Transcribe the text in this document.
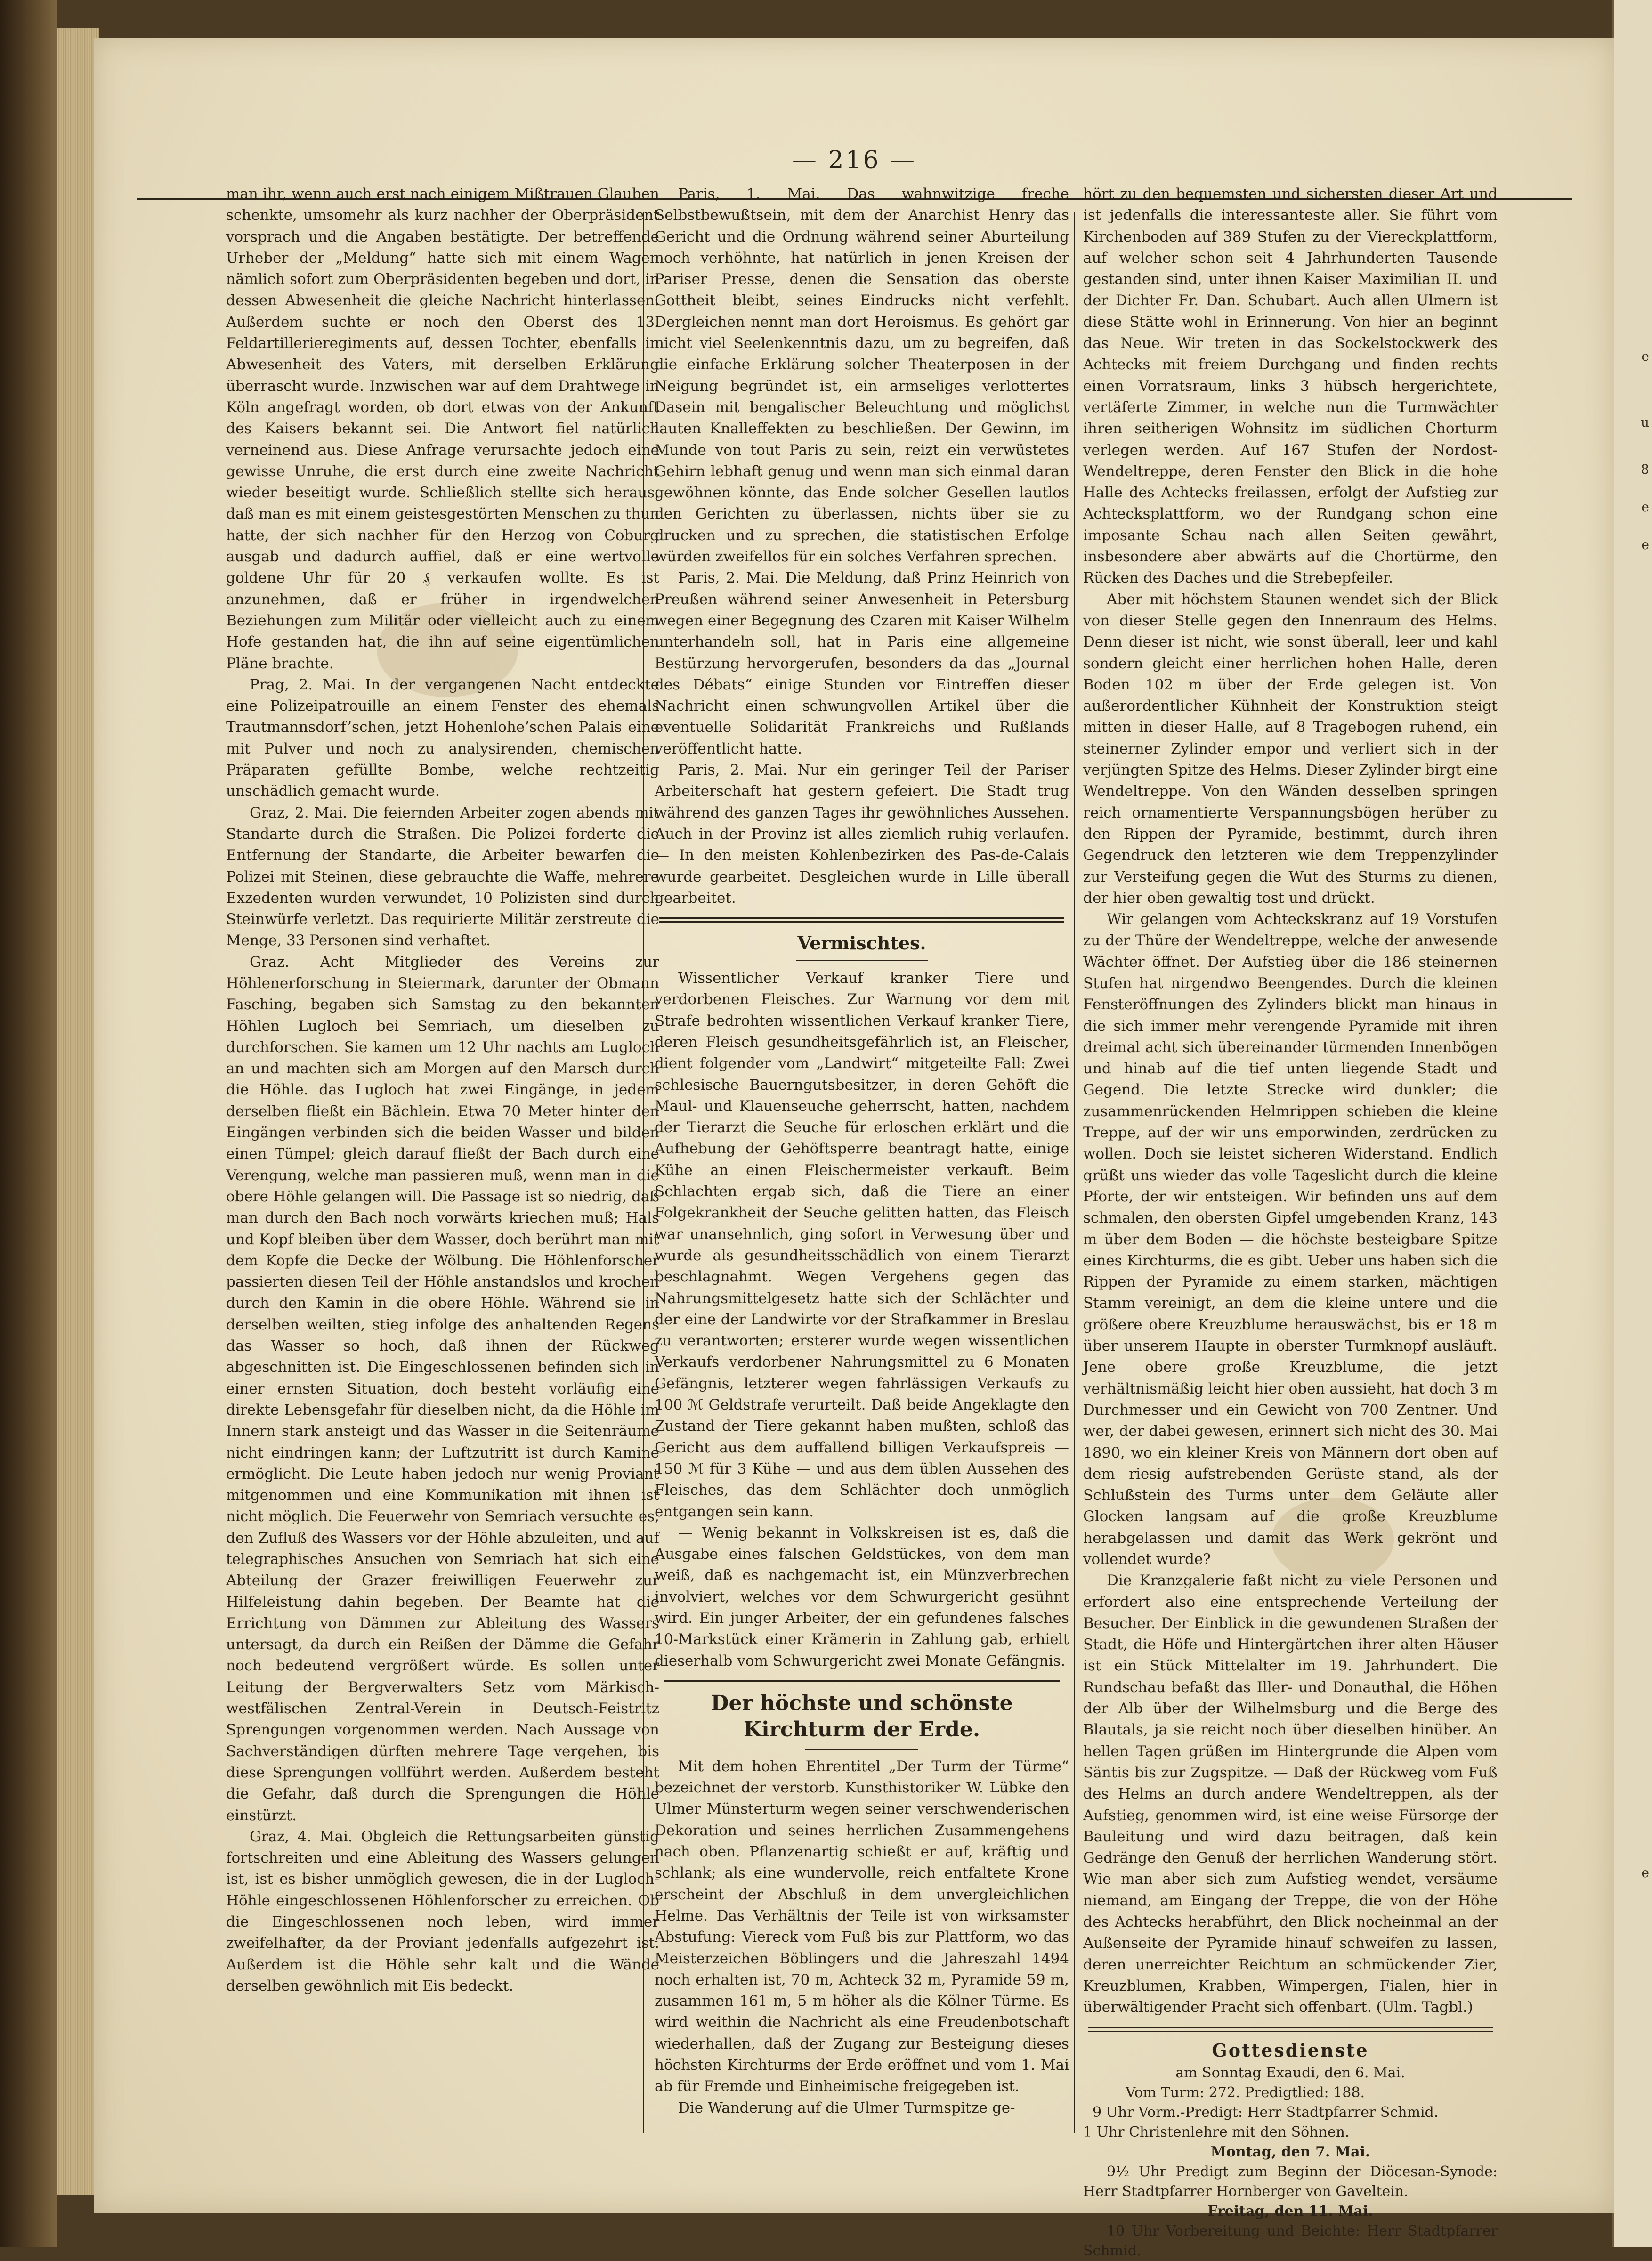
e
u
8
e
e
e
— 216 —

man ihr, wenn auch erst nach einigem Mißtrauen Glauben schenkte, umsomehr als kurz nachher der Oberpräsident vorsprach und die Angaben bestätigte. Der betreffende Urheber der „Meldung“ hatte sich mit einem Wagen nämlich sofort zum Oberpräsidenten begeben und dort, in dessen Abwesenheit die gleiche Nachricht hinterlassen. Außerdem suchte er noch den Oberst des 13. Feldartillerieregiments auf, dessen Tochter, ebenfalls in Abwesenheit des Vaters, mit derselben Erklärung überrascht wurde. Inzwischen war auf dem Drahtwege in Köln angefragt worden, ob dort etwas von der Ankunft des Kaisers bekannt sei. Die Antwort fiel natürlich verneinend aus. Diese Anfrage verursachte jedoch eine gewisse Unruhe, die erst durch eine zweite Nachricht wieder beseitigt wurde. Schließlich stellte sich heraus, daß man es mit einem geistesgestörten Menschen zu thun hatte, der sich nachher für den Herzog von Coburg ausgab und dadurch auffiel, daß er eine wertvolle goldene Uhr für 20 ₰ verkaufen wollte. Es ist anzunehmen, daß er früher in irgendwelchen Beziehungen zum Militär oder vielleicht auch zu einem Hofe gestanden hat, die ihn auf seine eigentümlichen Pläne brachte.

Prag, 2. Mai. In der vergangenen Nacht entdeckte eine Polizeipatrouille an einem Fenster des ehemals Trautmannsdorf’schen, jetzt Hohenlohe’schen Palais eine mit Pulver und noch zu analysirenden, chemischen Präparaten gefüllte Bombe, welche rechtzeitig unschädlich gemacht wurde.

Graz, 2. Mai. Die feiernden Arbeiter zogen abends mit Standarte durch die Straßen. Die Polizei forderte die Entfernung der Standarte, die Arbeiter bewarfen die Polizei mit Steinen, diese gebrauchte die Waffe, mehrere Exzedenten wurden verwundet, 10 Polizisten sind durch Steinwürfe verletzt. Das requirierte Militär zerstreute die Menge, 33 Personen sind verhaftet.

Graz. Acht Mitglieder des Vereins zur Höhlenerforschung in Steiermark, darunter der Obmann Fasching, begaben sich Samstag zu den bekannten Höhlen Lugloch bei Semriach, um dieselben zu durchforschen. Sie kamen um 12 Uhr nachts am Lugloch an und machten sich am Morgen auf den Marsch durch die Höhle. das Lugloch hat zwei Eingänge, in jedem derselben fließt ein Bächlein. Etwa 70 Meter hinter den Eingängen verbinden sich die beiden Wasser und bilden einen Tümpel; gleich darauf fließt der Bach durch eine Verengung, welche man passieren muß, wenn man in die obere Höhle gelangen will. Die Passage ist so niedrig, daß man durch den Bach noch vorwärts kriechen muß; Hals und Kopf bleiben über dem Wasser, doch berührt man mit dem Kopfe die Decke der Wölbung. Die Höhlenforscher passierten diesen Teil der Höhle anstandslos und krochen durch den Kamin in die obere Höhle. Während sie in derselben weilten, stieg infolge des anhaltenden Regens das Wasser so hoch, daß ihnen der Rückweg abgeschnitten ist. Die Eingeschlossenen befinden sich in einer ernsten Situation, doch besteht vorläufig eine direkte Lebensgefahr für dieselben nicht, da die Höhle im Innern stark ansteigt und das Wasser in die Seitenräume nicht eindringen kann; der Luftzutritt ist durch Kamine ermöglicht. Die Leute haben jedoch nur wenig Proviant mitgenommen und eine Kommunikation mit ihnen ist nicht möglich. Die Feuerwehr von Semriach versuchte es, den Zufluß des Wassers vor der Höhle abzuleiten, und auf telegraphisches Ansuchen von Semriach hat sich eine Abteilung der Grazer freiwilligen Feuerwehr zur Hilfeleistung dahin begeben. Der Beamte hat die Errichtung von Dämmen zur Ableitung des Wassers untersagt, da durch ein Reißen der Dämme die Gefahr noch bedeutend vergrößert würde. Es sollen unter Leitung der Bergverwalters Setz vom Märkisch-westfälischen Zentral-Verein in Deutsch-Feistritz Sprengungen vorgenommen werden. Nach Aussage von Sachverständigen dürften mehrere Tage vergehen, bis diese Sprengungen vollführt werden. Außerdem besteht die Gefahr, daß durch die Sprengungen die Höhle einstürzt.

Graz, 4. Mai. Obgleich die Rettungsarbeiten günstig fortschreiten und eine Ableitung des Wassers gelungen ist, ist es bisher unmöglich gewesen, die in der Lugloch-Höhle eingeschlossenen Höhlenforscher zu erreichen. Ob die Eingeschlossenen noch leben, wird immer zweifelhafter, da der Proviant jedenfalls aufgezehrt ist. Außerdem ist die Höhle sehr kalt und die Wände derselben gewöhnlich mit Eis bedeckt.

Paris, 1. Mai. Das wahnwitzige freche Selbstbewußtsein, mit dem der Anarchist Henry das Gericht und die Ordnung während seiner Aburteilung noch verhöhnte, hat natürlich in jenen Kreisen der Pariser Presse, denen die Sensation das oberste Gottheit bleibt, seines Eindrucks nicht verfehlt. Dergleichen nennt man dort Heroismus. Es gehört gar nicht viel Seelenkenntnis dazu, um zu begreifen, daß die einfache Erklärung solcher Theaterposen in der Neigung begründet ist, ein armseliges verlottertes Dasein mit bengalischer Beleuchtung und möglichst lauten Knalleffekten zu beschließen. Der Gewinn, im Munde von tout Paris zu sein, reizt ein verwüstetes Gehirn lebhaft genug und wenn man sich einmal daran gewöhnen könnte, das Ende solcher Gesellen lautlos den Gerichten zu überlassen, nichts über sie zu drucken und zu sprechen, die statistischen Erfolge würden zweifellos für ein solches Verfahren sprechen.

Paris, 2. Mai. Die Meldung, daß Prinz Heinrich von Preußen während seiner Anwesenheit in Petersburg wegen einer Begegnung des Czaren mit Kaiser Wilhelm unterhandeln soll, hat in Paris eine allgemeine Bestürzung hervorgerufen, besonders da das „Journal des Débats“ einige Stunden vor Eintreffen dieser Nachricht einen schwungvollen Artikel über die eventuelle Solidarität Frankreichs und Rußlands veröffentlicht hatte.

Paris, 2. Mai. Nur ein geringer Teil der Pariser Arbeiterschaft hat gestern gefeiert. Die Stadt trug während des ganzen Tages ihr gewöhnliches Aussehen. Auch in der Provinz ist alles ziemlich ruhig verlaufen. — In den meisten Kohlenbezirken des Pas-de-Calais wurde gearbeitet. Desgleichen wurde in Lille überall gearbeitet.

Vermischtes.

Wissentlicher Verkauf kranker Tiere und verdorbenen Fleisches. Zur Warnung vor dem mit Strafe bedrohten wissentlichen Verkauf kranker Tiere, deren Fleisch gesundheitsgefährlich ist, an Fleischer, dient folgender vom „Landwirt“ mitgeteilte Fall: Zwei schlesische Bauerngutsbesitzer, in deren Gehöft die Maul- und Klauenseuche geherrscht, hatten, nachdem der Tierarzt die Seuche für erloschen erklärt und die Aufhebung der Gehöftsperre beantragt hatte, einige Kühe an einen Fleischermeister verkauft. Beim Schlachten ergab sich, daß die Tiere an einer Folgekrankheit der Seuche gelitten hatten, das Fleisch war unansehnlich, ging sofort in Verwesung über und wurde als gesundheitsschädlich von einem Tierarzt beschlagnahmt. Wegen Vergehens gegen das Nahrungsmittelgesetz hatte sich der Schlächter und der eine der Landwirte vor der Strafkammer in Breslau zu verantworten; ersterer wurde wegen wissentlichen Verkaufs verdorbener Nahrungsmittel zu 6 Monaten Gefängnis, letzterer wegen fahrlässigen Verkaufs zu 100 ℳ Geldstrafe verurteilt. Daß beide Angeklagte den Zustand der Tiere gekannt haben mußten, schloß das Gericht aus dem auffallend billigen Verkaufspreis — 150 ℳ für 3 Kühe — und aus dem üblen Aussehen des Fleisches, das dem Schlächter doch unmöglich entgangen sein kann.

— Wenig bekannt in Volkskreisen ist es, daß die Ausgabe eines falschen Geldstückes, von dem man weiß, daß es nachgemacht ist, ein Münzverbrechen involviert, welches vor dem Schwurgericht gesühnt wird. Ein junger Arbeiter, der ein gefundenes falsches 10-Markstück einer Krämerin in Zahlung gab, erhielt dieserhalb vom Schwurgericht zwei Monate Gefängnis.

Der höchste und schönste Kirchturm der Erde.

Mit dem hohen Ehrentitel „Der Turm der Türme“ bezeichnet der verstorb. Kunsthistoriker W. Lübke den Ulmer Münsterturm wegen seiner verschwenderischen Dekoration und seines herrlichen Zusammengehens nach oben. Pflanzenartig schießt er auf, kräftig und schlank; als eine wundervolle, reich entfaltete Krone erscheint der Abschluß in dem unvergleichlichen Helme. Das Verhältnis der Teile ist von wirksamster Abstufung: Viereck vom Fuß bis zur Plattform, wo das Meisterzeichen Böblingers und die Jahreszahl 1494 noch erhalten ist, 70 m, Achteck 32 m, Pyramide 59 m, zusammen 161 m, 5 m höher als die Kölner Türme. Es wird weithin die Nachricht als eine Freudenbotschaft wiederhallen, daß der Zugang zur Besteigung dieses höchsten Kirchturms der Erde eröffnet und vom 1. Mai ab für Fremde und Einheimische freigegeben ist.

Die Wanderung auf die Ulmer Turmspitze ge-

hört zu den bequemsten und sichersten dieser Art und ist jedenfalls die interessanteste aller. Sie führt vom Kirchenboden auf 389 Stufen zu der Viereckplattform, auf welcher schon seit 4 Jahrhunderten Tausende gestanden sind, unter ihnen Kaiser Maximilian II. und der Dichter Fr. Dan. Schubart. Auch allen Ulmern ist diese Stätte wohl in Erinnerung. Von hier an beginnt das Neue. Wir treten in das Sockelstockwerk des Achtecks mit freiem Durchgang und finden rechts einen Vorratsraum, links 3 hübsch hergerichtete, vertäferte Zimmer, in welche nun die Turmwächter ihren seitherigen Wohnsitz im südlichen Chorturm verlegen werden. Auf 167 Stufen der Nordost-Wendeltreppe, deren Fenster den Blick in die hohe Halle des Achtecks freilassen, erfolgt der Aufstieg zur Achtecksplattform, wo der Rundgang schon eine imposante Schau nach allen Seiten gewährt, insbesondere aber abwärts auf die Chortürme, den Rücken des Daches und die Strebepfeiler.

Aber mit höchstem Staunen wendet sich der Blick von dieser Stelle gegen den Innenraum des Helms. Denn dieser ist nicht, wie sonst überall, leer und kahl sondern gleicht einer herrlichen hohen Halle, deren Boden 102 m über der Erde gelegen ist. Von außerordentlicher Kühnheit der Konstruktion steigt mitten in dieser Halle, auf 8 Tragebogen ruhend, ein steinerner Zylinder empor und verliert sich in der verjüngten Spitze des Helms. Dieser Zylinder birgt eine Wendeltreppe. Von den Wänden desselben springen reich ornamentierte Verspannungsbögen herüber zu den Rippen der Pyramide, bestimmt, durch ihren Gegendruck den letzteren wie dem Treppenzylinder zur Versteifung gegen die Wut des Sturms zu dienen, der hier oben gewaltig tost und drückt.

Wir gelangen vom Achteckskranz auf 19 Vorstufen zu der Thüre der Wendeltreppe, welche der anwesende Wächter öffnet. Der Aufstieg über die 186 steinernen Stufen hat nirgendwo Beengendes. Durch die kleinen Fensteröffnungen des Zylinders blickt man hinaus in die sich immer mehr verengende Pyramide mit ihren dreimal acht sich übereinander türmenden Innenbögen und hinab auf die tief unten liegende Stadt und Gegend. Die letzte Strecke wird dunkler; die zusammenrückenden Helmrippen schieben die kleine Treppe, auf der wir uns emporwinden, zerdrücken zu wollen. Doch sie leistet sicheren Widerstand. Endlich grüßt uns wieder das volle Tageslicht durch die kleine Pforte, der wir entsteigen. Wir befinden uns auf dem schmalen, den obersten Gipfel umgebenden Kranz, 143 m über dem Boden — die höchste besteigbare Spitze eines Kirchturms, die es gibt. Ueber uns haben sich die Rippen der Pyramide zu einem starken, mächtigen Stamm vereinigt, an dem die kleine untere und die größere obere Kreuzblume herauswächst, bis er 18 m über unserem Haupte in oberster Turmknopf ausläuft. Jene obere große Kreuzblume, die jetzt verhältnismäßig leicht hier oben aussieht, hat doch 3 m Durchmesser und ein Gewicht von 700 Zentner. Und wer, der dabei gewesen, erinnert sich nicht des 30. Mai 1890, wo ein kleiner Kreis von Männern dort oben auf dem riesig aufstrebenden Gerüste stand, als der Schlußstein des Turms unter dem Geläute aller Glocken langsam auf die große Kreuzblume herabgelassen und damit das Werk gekrönt und vollendet wurde?

Die Kranzgalerie faßt nicht zu viele Personen und erfordert also eine entsprechende Verteilung der Besucher. Der Einblick in die gewundenen Straßen der Stadt, die Höfe und Hintergärtchen ihrer alten Häuser ist ein Stück Mittelalter im 19. Jahrhundert. Die Rundschau befaßt das Iller- und Donauthal, die Höhen der Alb über der Wilhelmsburg und die Berge des Blautals, ja sie reicht noch über dieselben hinüber. An hellen Tagen grüßen im Hintergrunde die Alpen vom Säntis bis zur Zugspitze. — Daß der Rückweg vom Fuß des Helms an durch andere Wendeltreppen, als der Aufstieg, genommen wird, ist eine weise Fürsorge der Bauleitung und wird dazu beitragen, daß kein Gedränge den Genuß der herrlichen Wanderung stört. Wie man aber sich zum Aufstieg wendet, versäume niemand, am Eingang der Treppe, die von der Höhe des Achtecks herabführt, den Blick nocheinmal an der Außenseite der Pyramide hinauf schweifen zu lassen, deren unerreichter Reichtum an schmückender Zier, Kreuzblumen, Krabben, Wimpergen, Fialen, hier in überwältigender Pracht sich offenbart. (Ulm. Tagbl.)

Gottesdienste

am Sonntag Exaudi, den 6. Mai.

Vom Turm: 272. Predigtlied: 188.

9 Uhr Vorm.-Predigt: Herr Stadtpfarrer Schmid.

1 Uhr Christenlehre mit den Söhnen.

Montag, den 7. Mai.

9½ Uhr Predigt zum Beginn der Diöcesan-Synode: Herr Stadtpfarrer Hornberger von Gaveltein.

Freitag, den 11. Mai.

10 Uhr Vorbereitung und Beichte: Herr Stadtpfarrer Schmid.
